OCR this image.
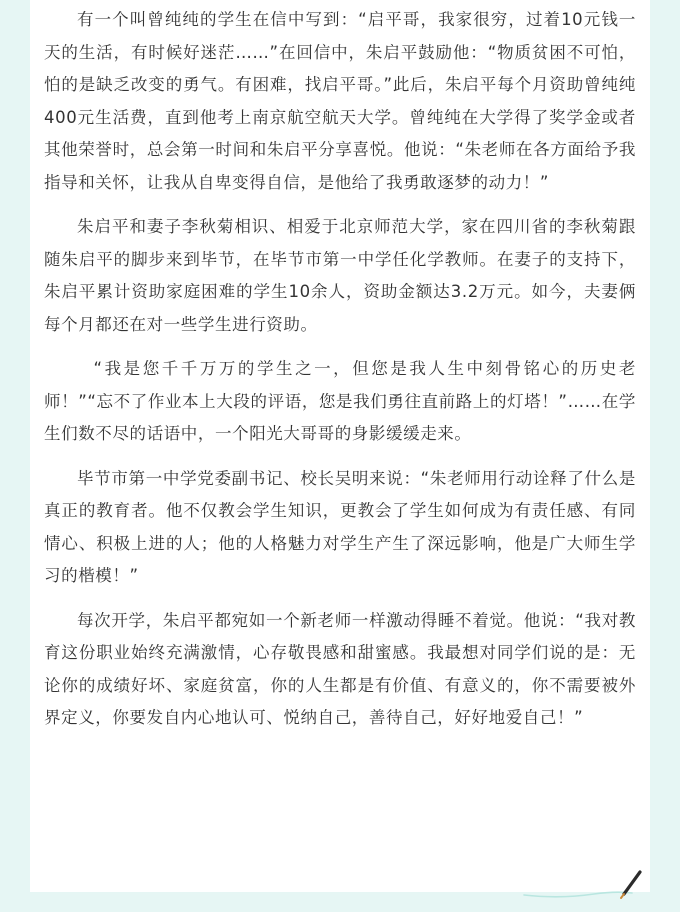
有一个叫曾纯纯的学生在信中写到：“启平哥，我家很穷，过着10元钱一天的生活，有时候好迷茫……”在回信中，朱启平鼓励他：“物质贫困不可怕，怕的是缺乏改变的勇气。有困难，找启平哥。”此后，朱启平每个月资助曾纯纯400元生活费，直到他考上南京航空航天大学。曾纯纯在大学得了奖学金或者其他荣誉时，总会第一时间和朱启平分享喜悦。他说：“朱老师在各方面给予我指导和关怀，让我从自卑变得自信，是他给了我勇敢逐梦的动力！”

朱启平和妻子李秋菊相识、相爱于北京师范大学，家在四川省的李秋菊跟随朱启平的脚步来到毕节，在毕节市第一中学任化学教师。在妻子的支持下，朱启平累计资助家庭困难的学生10余人，资助金额达3.2万元。如今，夫妻俩每个月都还在对一些学生进行资助。

“我是您千千万万的学生之一，但您是我人生中刻骨铭心的历史老师！”“忘不了作业本上大段的评语，您是我们勇往直前路上的灯塔！”……在学生们数不尽的话语中，一个阳光大哥哥的身影缓缓走来。

毕节市第一中学党委副书记、校长吴明来说：“朱老师用行动诠释了什么是真正的教育者。他不仅教会学生知识，更教会了学生如何成为有责任感、有同情心、积极上进的人；他的人格魅力对学生产生了深远影响，他是广大师生学习的楷模！”

每次开学，朱启平都宛如一个新老师一样激动得睡不着觉。他说：“我对教育这份职业始终充满激情，心存敬畏感和甜蜜感。我最想对同学们说的是：无论你的成绩好坏、家庭贫富，你的人生都是有价值、有意义的，你不需要被外界定义，你要发自内心地认可、悦纳自己，善待自己，好好地爱自己！”
